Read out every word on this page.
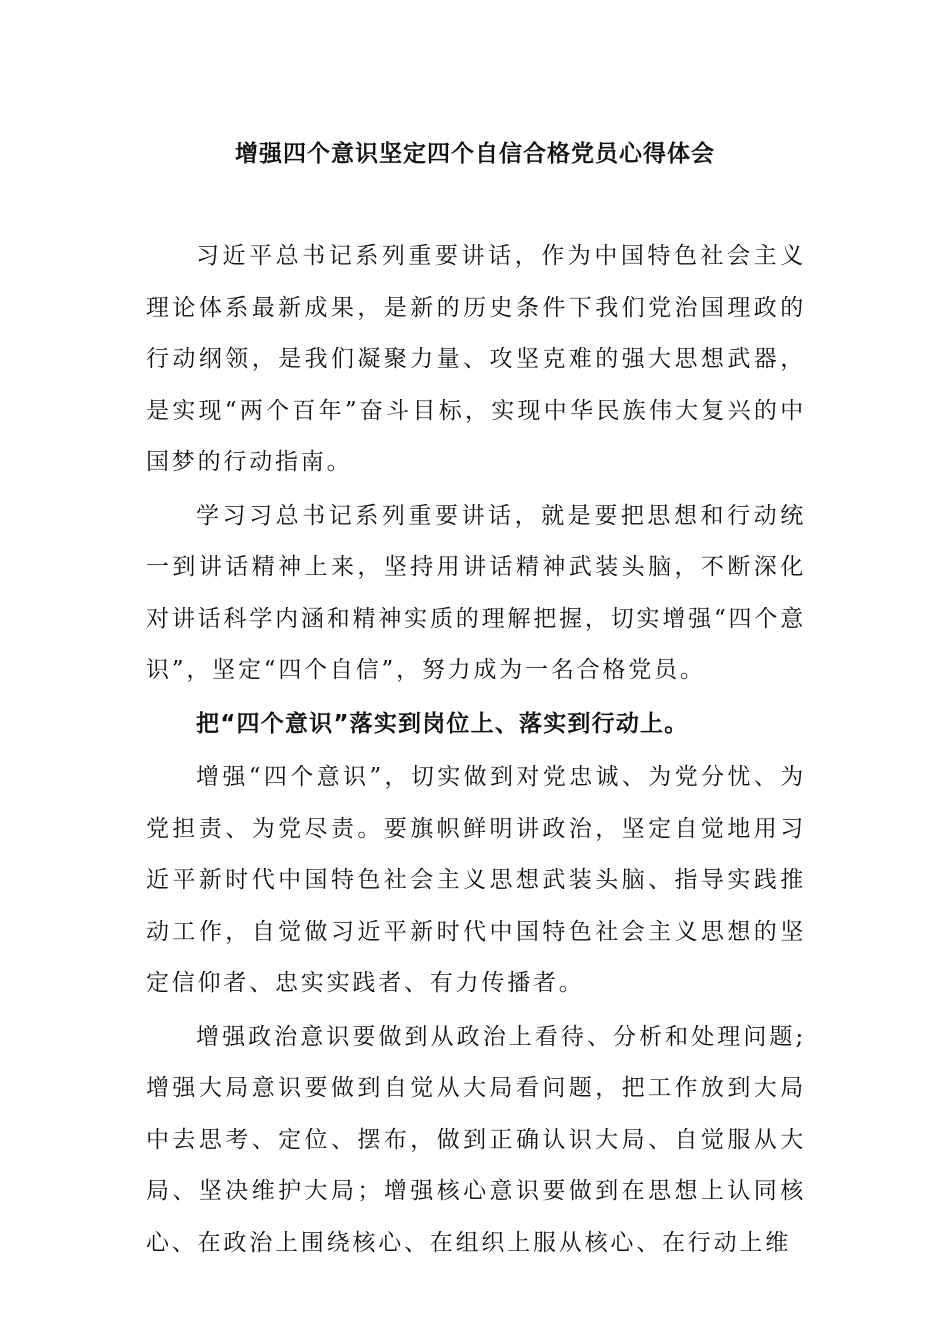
增强四个意识坚定四个自信合格党员心得体会

习近平总书记系列重要讲话，作为中国特色社会主义理论体系最新成果，是新的历史条件下我们党治国理政的行动纲领，是我们凝聚力量、攻坚克难的强大思想武器，是实现“两个百年”奋斗目标，实现中华民族伟大复兴的中国梦的行动指南。

学习习总书记系列重要讲话，就是要把思想和行动统一到讲话精神上来，坚持用讲话精神武装头脑，不断深化对讲话科学内涵和精神实质的理解把握，切实增强“四个意识”，坚定“四个自信”，努力成为一名合格党员。

把“四个意识”落实到岗位上、落实到行动上。

增强“四个意识”，切实做到对党忠诚、为党分忧、为党担责、为党尽责。要旗帜鲜明讲政治，坚定自觉地用习近平新时代中国特色社会主义思想武装头脑、指导实践推动工作，自觉做习近平新时代中国特色社会主义思想的坚定信仰者、忠实实践者、有力传播者。

增强政治意识要做到从政治上看待、分析和处理问题;增强大局意识要做到自觉从大局看问题，把工作放到大局中去思考、定位、摆布，做到正确认识大局、自觉服从大局、坚决维护大局；增强核心意识要做到在思想上认同核心、在政治上围绕核心、在组织上服从核心、在行动上维
